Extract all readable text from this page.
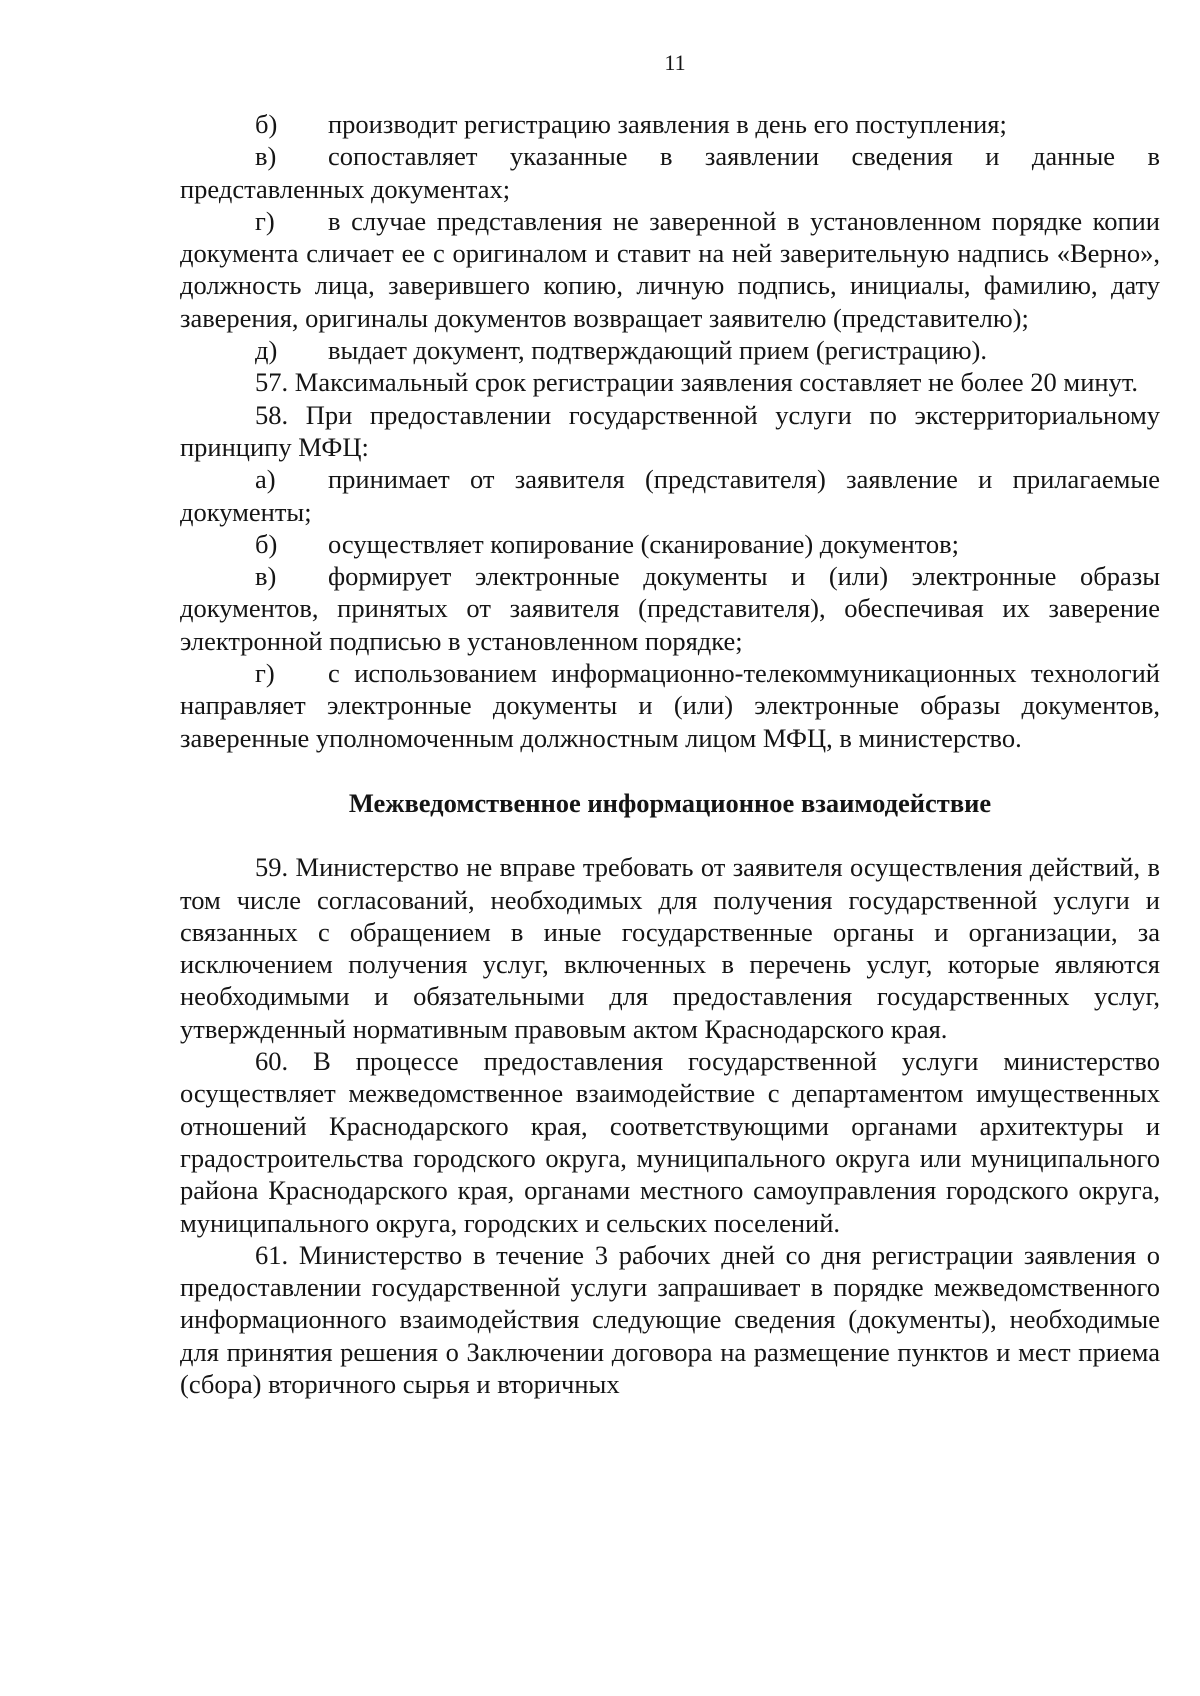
11

б) производит регистрацию заявления в день его поступления;

в) сопоставляет указанные в заявлении сведения и данные в представленных документах;

г) в случае представления не заверенной в установленном порядке копии документа сличает ее с оригиналом и ставит на ней заверительную надпись «Верно», должность лица, заверившего копию, личную подпись, инициалы, фамилию, дату заверения, оригиналы документов возвращает заявителю (представителю);

д) выдает документ, подтверждающий прием (регистрацию).

57. Максимальный срок регистрации заявления составляет не более 20 минут.

58. При предоставлении государственной услуги по экстерриториальному принципу МФЦ:

а) принимает от заявителя (представителя) заявление и прилагаемые документы;

б) осуществляет копирование (сканирование) документов;

в) формирует электронные документы и (или) электронные образы документов, принятых от заявителя (представителя), обеспечивая их заверение электронной подписью в установленном порядке;

г) с использованием информационно-телекоммуникационных технологий направляет электронные документы и (или) электронные образы документов, заверенные уполномоченным должностным лицом МФЦ, в министерство.

Межведомственное информационное взаимодействие

59. Министерство не вправе требовать от заявителя осуществления действий, в том числе согласований, необходимых для получения государственной услуги и связанных с обращением в иные государственные органы и организации, за исключением получения услуг, включенных в перечень услуг, которые являются необходимыми и обязательными для предоставления государственных услуг, утвержденный нормативным правовым актом Краснодарского края.

60. В процессе предоставления государственной услуги министерство осуществляет межведомственное взаимодействие с департаментом имущественных отношений Краснодарского края, соответствующими органами архитектуры и градостроительства городского округа, муниципального округа или муниципального района Краснодарского края, органами местного самоуправления городского округа, муниципального округа, городских и сельских поселений.

61. Министерство в течение 3 рабочих дней со дня регистрации заявления о предоставлении государственной услуги запрашивает в порядке межведомственного информационного взаимодействия следующие сведения (документы), необходимые для принятия решения о Заключении договора на размещение пунктов и мест приема (сбора) вторичного сырья и вторичных
